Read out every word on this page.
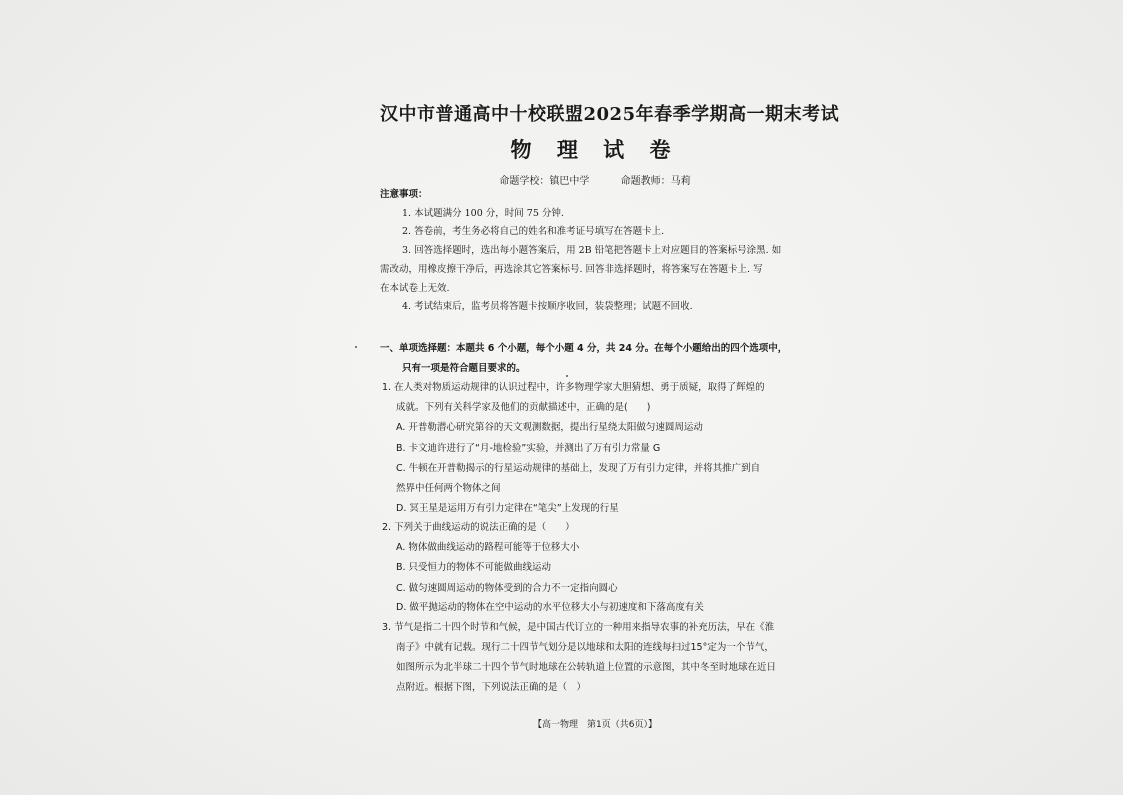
汉中市普通高中十校联盟2025年春季学期高一期末考试
物 理 试 卷
命题学校：镇巴中学	命题教师：马莉
注意事项：
1. 本试题满分 100 分，时间 75 分钟.
2. 答卷前，考生务必将自己的姓名和准考证号填写在答题卡上.
3. 回答选择题时，选出每小题答案后，用 2B 铅笔把答题卡上对应题目的答案标号涂黑. 如
需改动，用橡皮擦干净后，再选涂其它答案标号. 回答非选择题时，将答案写在答题卡上. 写
在本试卷上无效.
4. 考试结束后，监考员将答题卡按顺序收回，装袋整理；试题不回收.
一、单项选择题：本题共 6 个小题，每个小题 4 分，共 24 分。在每个小题给出的四个选项中，
只有一项是符合题目要求的。
1. 在人类对物质运动规律的认识过程中，许多物理学家大胆猜想、勇于质疑，取得了辉煌的
成就。下列有关科学家及他们的贡献描述中，正确的是(　　)
A. 开普勒潜心研究第谷的天文观测数据，提出行星绕太阳做匀速圆周运动
B. 卡文迪许进行了“月-地检验”实验，并测出了万有引力常量 G
C. 牛顿在开普勒揭示的行星运动规律的基础上，发现了万有引力定律，并将其推广到自
然界中任何两个物体之间
D. 冥王星是运用万有引力定律在“笔尖”上发现的行星
2. 下列关于曲线运动的说法正确的是（　　）
A. 物体做曲线运动的路程可能等于位移大小
B. 只受恒力的物体不可能做曲线运动
C. 做匀速圆周运动的物体受到的合力不一定指向圆心
D. 做平抛运动的物体在空中运动的水平位移大小与初速度和下落高度有关
3. 节气是指二十四个时节和气候，是中国古代订立的一种用来指导农事的补充历法，早在《淮
南子》中就有记载。现行二十四节气划分是以地球和太阳的连线每扫过15°定为一个节气，
如图所示为北半球二十四个节气时地球在公转轨道上位置的示意图，其中冬至时地球在近日
点附近。根据下图，下列说法正确的是（　）
【高一物理　第1页（共6页）】
